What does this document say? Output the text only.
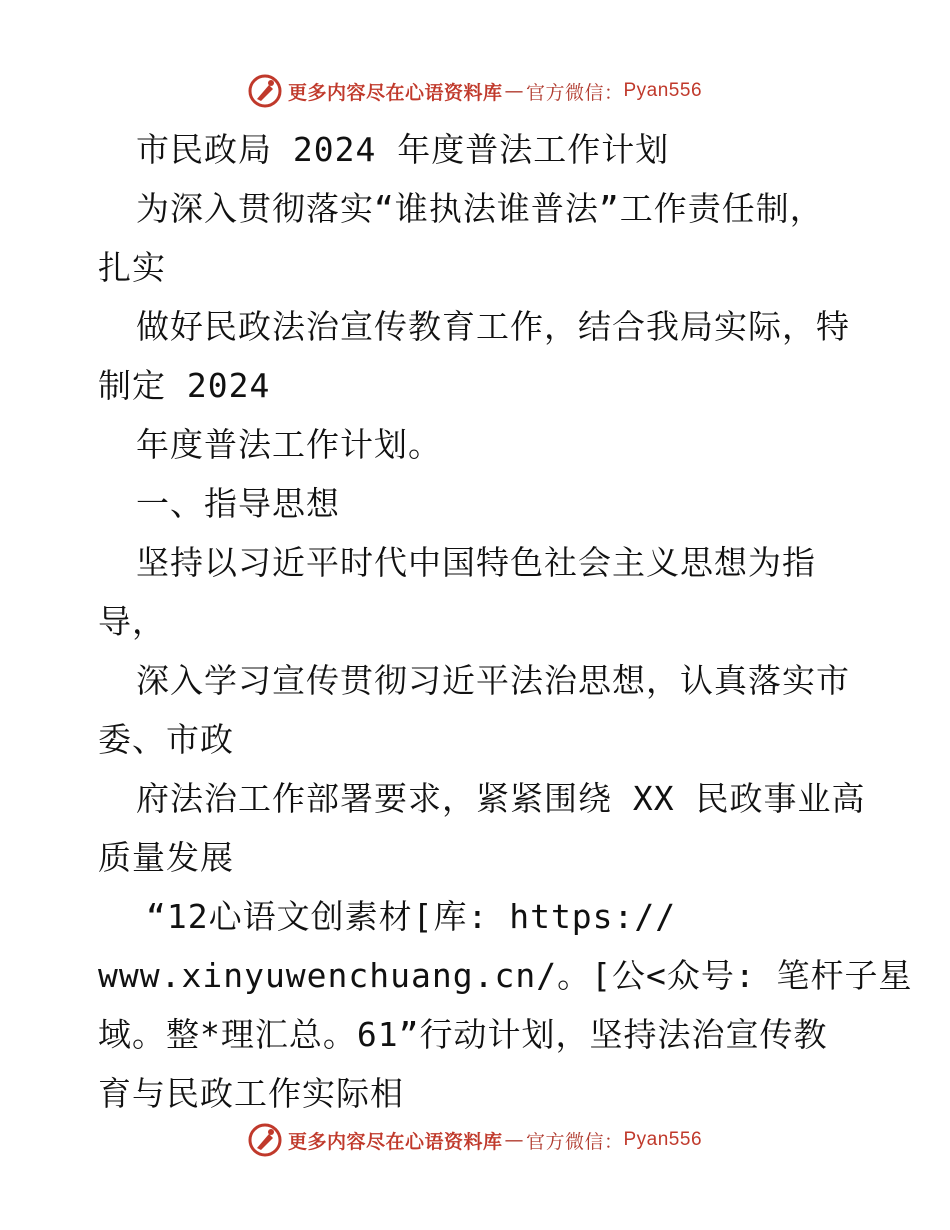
更多内容尽在心语资料库 — 官方微信： Pyan556
市民政局 2024 年度普法工作计划
为深入贯彻落实“谁执法谁普法”工作责任制，
扎实
做好民政法治宣传教育工作，结合我局实际，特
制定 2024
年度普法工作计划。
一、指导思想
坚持以习近平时代中国特色社会主义思想为指
导，
深入学习宣传贯彻习近平法治思想，认真落实市
委、市政
府法治工作部署要求，紧紧围绕 XX 民政事业高
质量发展
“12心语文创素材[库: https://
www.xinyuwenchuang.cn/。[公<众号: 笔杆子星
域。整*理汇总。61”行动计划，坚持法治宣传教
育与民政工作实际相
更多内容尽在心语资料库 — 官方微信： Pyan556
